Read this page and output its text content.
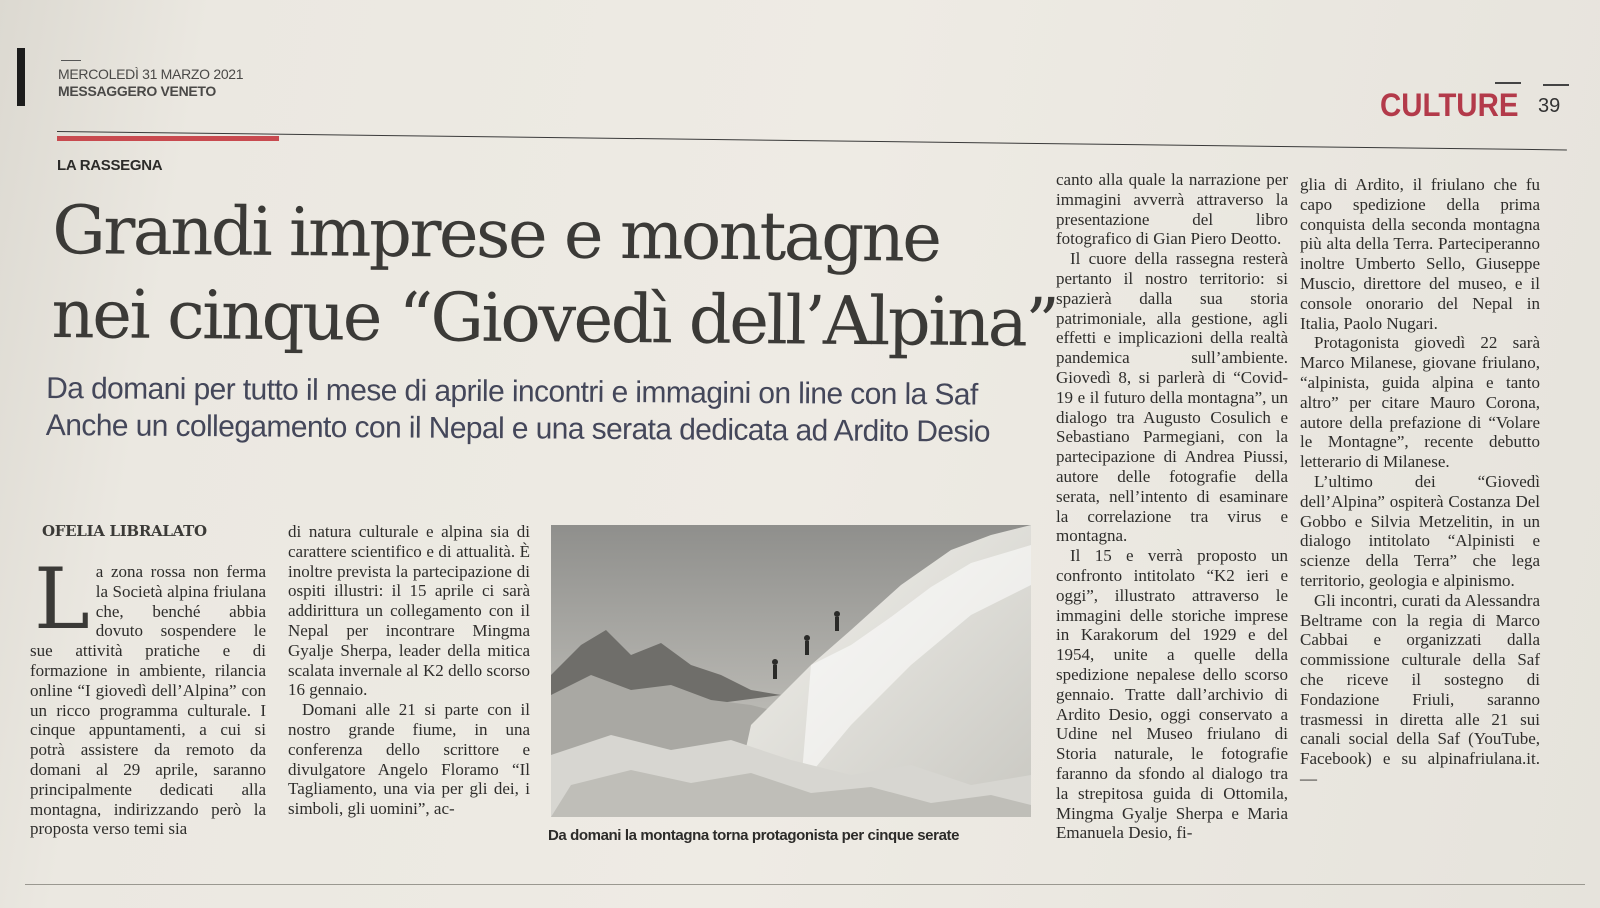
MERCOLEDÌ 31 MARZO 2021
MESSAGGERO VENETO	CULTURE 39
LA RASSEGNA
Grandi imprese e montagne
nei cinque “Giovedì dell’Alpina”
Da domani per tutto il mese di aprile incontri e immagini on line con la Saf
Anche un collegamento con il Nepal e una serata dedicata ad Ardito Desio
OFELIA LIBRALATO

La zona rossa non ferma la Società alpina friulana che, benché abbia dovuto sospendere le sue attività pratiche e di formazione in ambiente, rilancia online “I giovedì dell’Alpina” con un ricco programma culturale. I cinque appuntamenti, a cui si potrà assistere da remoto da domani al 29 aprile, saranno principalmente dedicati alla montagna, indirizzando però la proposta verso temi sia

di natura culturale e alpina sia di carattere scientifico e di attualità. È inoltre prevista la partecipazione di ospiti illustri: il 15 aprile ci sarà addirittura un collegamento con il Nepal per incontrare Mingma Gyalje Sherpa, leader della mitica scalata invernale al K2 dello scorso 16 gennaio.

Domani alle 21 si parte con il nostro grande fiume, in una conferenza dello scrittore e divulgatore Angelo Floramo “Il Tagliamento, una via per gli dei, i simboli, gli uomini”, ac-

Da domani la montagna torna protagonista per cinque serate

canto alla quale la narrazione per immagini avverrà attraverso la presentazione del libro fotografico di Gian Piero Deotto.

Il cuore della rassegna resterà pertanto il nostro territorio: si spazierà dalla sua storia patrimoniale, alla gestione, agli effetti e implicazioni della realtà pandemica sull’ambiente. Giovedì 8, si parlerà di “Covid-19 e il futuro della montagna”, un dialogo tra Augusto Cosulich e Sebastiano Parmegiani, con la partecipazione di Andrea Piussi, autore delle fotografie della serata, nell’intento di esaminare la correlazione tra virus e montagna.

Il 15 e verrà proposto un confronto intitolato “K2 ieri e oggi”, illustrato attraverso le immagini delle storiche imprese in Karakorum del 1929 e del 1954, unite a quelle della spedizione nepalese dello scorso gennaio. Tratte dall’archivio di Ardito Desio, oggi conservato a Udine nel Museo friulano di Storia naturale, le fotografie faranno da sfondo al dialogo tra la strepitosa guida di Ottomila, Mingma Gyalje Sherpa e Maria Emanuela Desio, fi-

glia di Ardito, il friulano che fu capo spedizione della prima conquista della seconda montagna più alta della Terra. Parteciperanno inoltre Umberto Sello, Giuseppe Muscio, direttore del museo, e il console onorario del Nepal in Italia, Paolo Nugari.

Protagonista giovedì 22 sarà Marco Milanese, giovane friulano, “alpinista, guida alpina e tanto altro” per citare Mauro Corona, autore della prefazione di “Volare le Montagne”, recente debutto letterario di Milanese.

L’ultimo dei “Giovedì dell’Alpina” ospiterà Costanza Del Gobbo e Silvia Metzelitin, in un dialogo intitolato “Alpinisti e scienze della Terra” che lega territorio, geologia e alpinismo.

Gli incontri, curati da Alessandra Beltrame con la regia di Marco Cabbai e organizzati dalla commissione culturale della Saf che riceve il sostegno di Fondazione Friuli, saranno trasmessi in diretta alle 21 sui canali social della Saf (YouTube, Facebook) e su alpinafriulana.it. —
